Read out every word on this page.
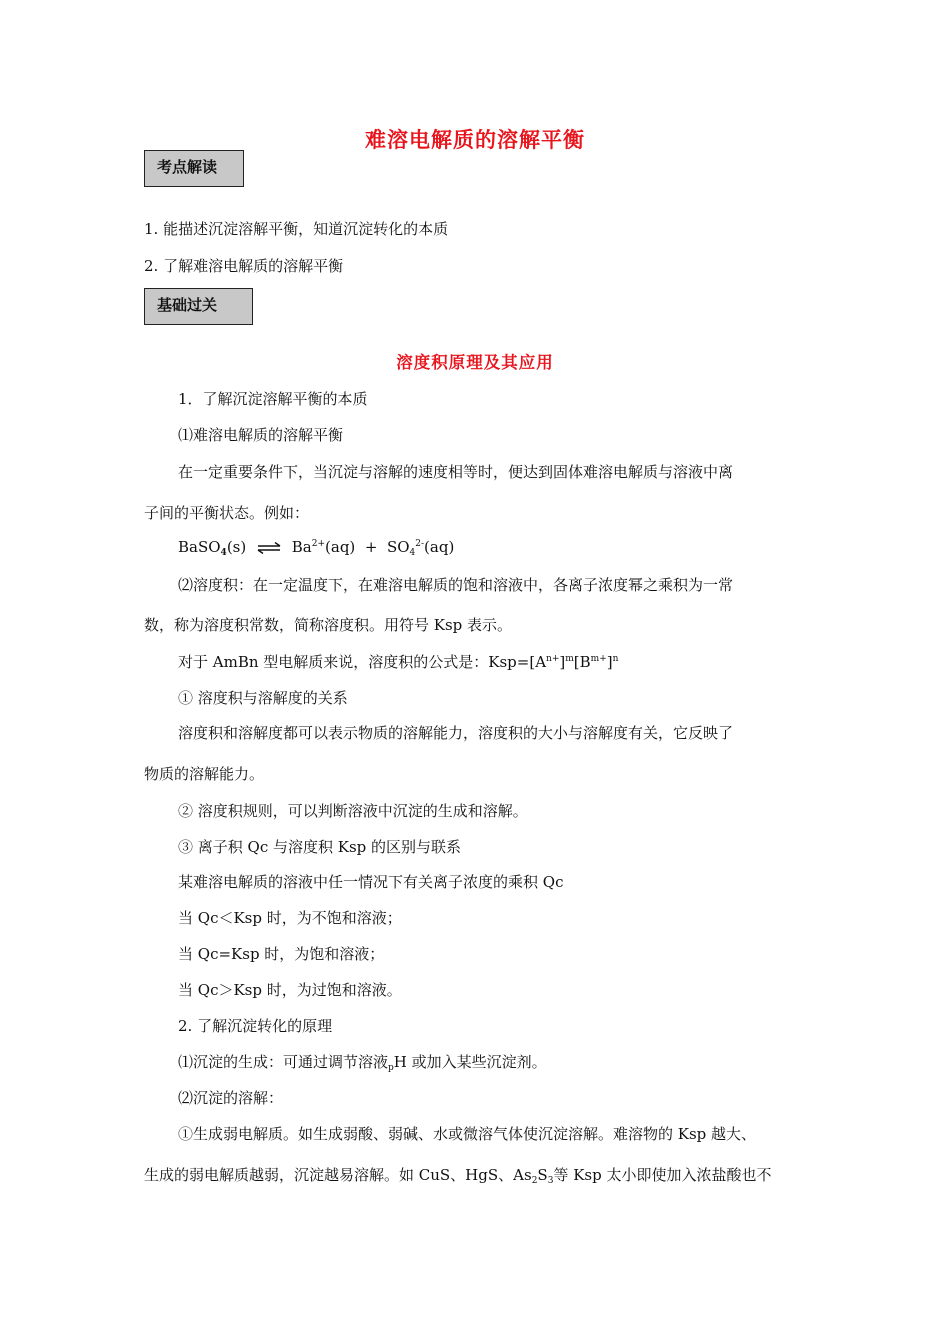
难溶电解质的溶解平衡
考点解读
1. 能描述沉淀溶解平衡，知道沉淀转化的本质
2. 了解难溶电解质的溶解平衡
基础过关
溶度积原理及其应用
1．了解沉淀溶解平衡的本质
⑴难溶电解质的溶解平衡
在一定重要条件下，当沉淀与溶解的速度相等时，便达到固体难溶电解质与溶液中离
子间的平衡状态。例如：
BaSO$_4$(s) ⇌ $Ba^{2+}(aq) + SO_4^{2-}(aq)$
⑵溶度积：在一定温度下，在难溶电解质的饱和溶液中，各离子浓度幂之乘积为一常
数，称为溶度积常数，简称溶度积。用符号 Ksp 表示。
对于 AmBn 型电解质来说，溶度积的公式是：$Ksp=[A^{n+}]^m[B^{m+}]^n$
① 溶度积与溶解度的关系
溶度积和溶解度都可以表示物质的溶解能力，溶度积的大小与溶解度有关，它反映了
物质的溶解能力。
② 溶度积规则，可以判断溶液中沉淀的生成和溶解。
③ 离子积 Qc 与溶度积 Ksp 的区别与联系
某难溶电解质的溶液中任一情况下有关离子浓度的乘积 Qc
当 Qc＜Ksp 时，为不饱和溶液；
当 Qc=Ksp 时，为饱和溶液；
当 Qc＞Ksp 时，为过饱和溶液。
2. 了解沉淀转化的原理
⑴沉淀的生成：可通过调节溶液$_p$H 或加入某些沉淀剂。
⑵沉淀的溶解：
①生成弱电解质。如生成弱酸、弱碱、水或微溶气体使沉淀溶解。难溶物的 Ksp 越大、
生成的弱电解质越弱，沉淀越易溶解。如 CuS、HgS、$As_2S_3$等 Ksp 太小即使加入浓盐酸也不
